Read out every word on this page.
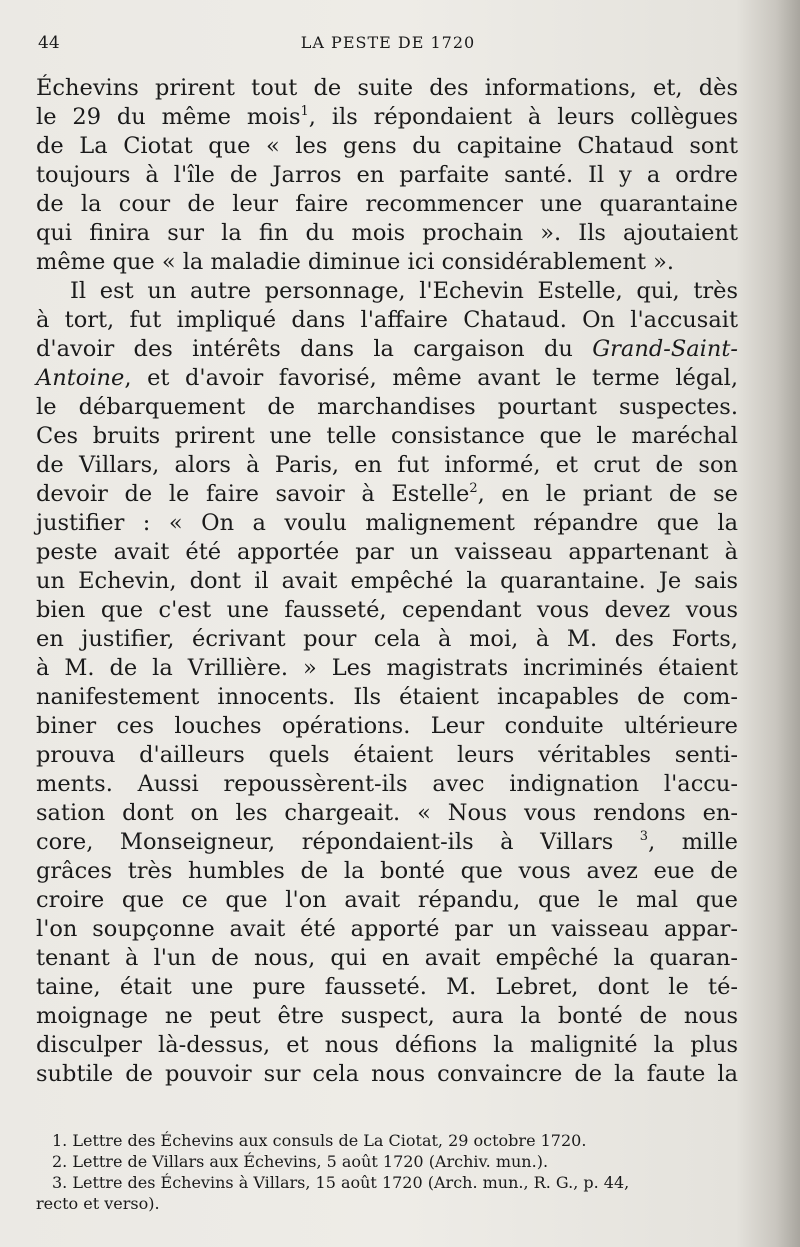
44	LA PESTE DE 1720
Échevins prirent tout de suite des informations, et, dès
le 29 du même mois$^1$, ils répondaient à leurs collègues
de La Ciotat que « les gens du capitaine Chataud sont
toujours à l'île de Jarros en parfaite santé. Il y a ordre
de la cour de leur faire recommencer une quarantaine
qui finira sur la fin du mois prochain ». Ils ajoutaient
même que « la maladie diminue ici considérablement ».
Il est un autre personnage, l'Echevin Estelle, qui, très
à tort, fut impliqué dans l'affaire Chataud. On l'accusait
d'avoir des intérêts dans la cargaison du Grand-Saint-
Antoine, et d'avoir favorisé, même avant le terme légal,
le débarquement de marchandises pourtant suspectes.
Ces bruits prirent une telle consistance que le maréchal
de Villars, alors à Paris, en fut informé, et crut de son
devoir de le faire savoir à Estelle$^2$, en le priant de se
justifier : « On a voulu malignement répandre que la
peste avait été apportée par un vaisseau appartenant à
un Echevin, dont il avait empêché la quarantaine. Je sais
bien que c'est une fausseté, cependant vous devez vous
en justifier, écrivant pour cela à moi, à M. des Forts,
à M. de la Vrillière. » Les magistrats incriminés étaient
nanifestement innocents. Ils étaient incapables de com-
biner ces louches opérations. Leur conduite ultérieure
prouva d'ailleurs quels étaient leurs véritables senti-
ments. Aussi repoussèrent-ils avec indignation l'accu-
sation dont on les chargeait. « Nous vous rendons en-
core, Monseigneur, répondaient-ils à Villars $^3$, mille
grâces très humbles de la bonté que vous avez eue de
croire que ce que l'on avait répandu, que le mal que
l'on soupçonne avait été apporté par un vaisseau appar-
tenant à l'un de nous, qui en avait empêché la quaran-
taine, était une pure fausseté. M. Lebret, dont le té-
moignage ne peut être suspect, aura la bonté de nous
disculper là-dessus, et nous défions la malignité la plus
subtile de pouvoir sur cela nous convaincre de la faute la
1. Lettre des Échevins aux consuls de La Ciotat, 29 octobre 1720.
2. Lettre de Villars aux Échevins, 5 août 1720 (Archiv. mun.).
3. Lettre des Échevins à Villars, 15 août 1720 (Arch. mun., R. G., p. 44,
recto et verso).
